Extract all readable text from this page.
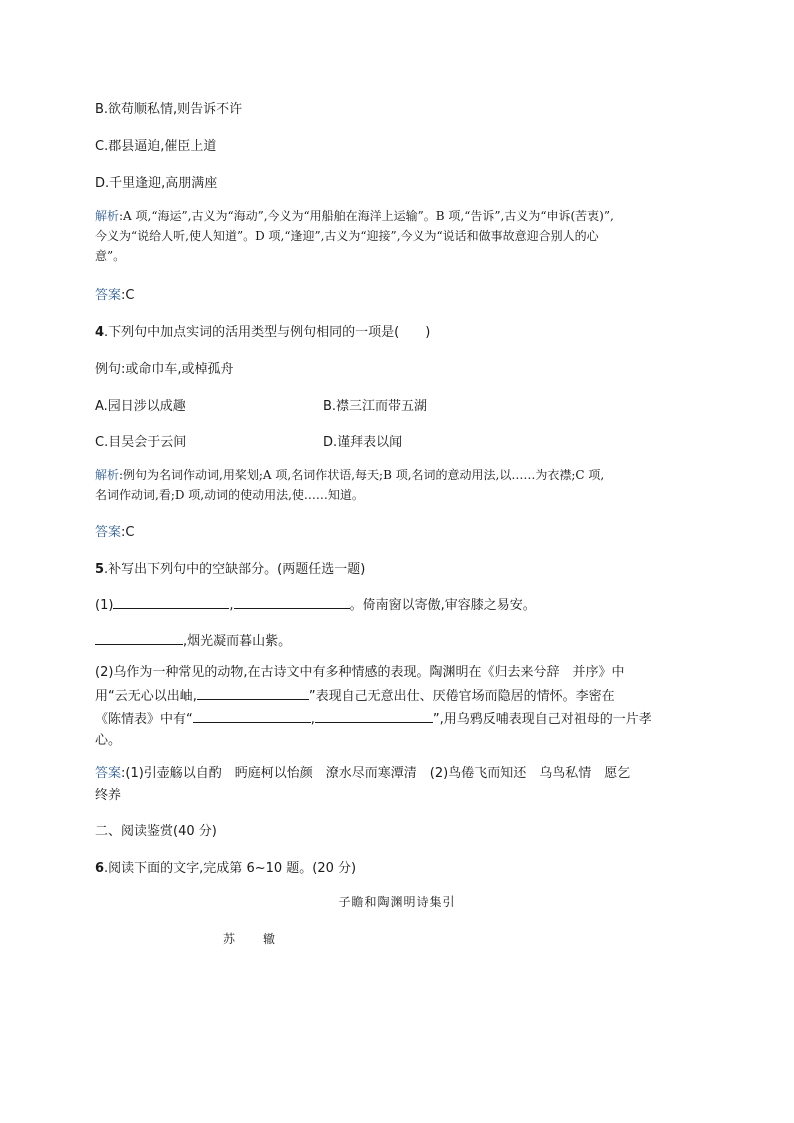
B.欲苟顺私情,则告诉不许
C.郡县逼迫,催臣上道
D.千里逢迎,高朋满座
解析:A 项,“海运”,古义为“海动”,今义为“用船舶在海洋上运输”。B 项,“告诉”,古义为“申诉(苦衷)”,
今义为“说给人听,使人知道”。D 项,“逢迎”,古义为“迎接”,今义为“说话和做事故意迎合别人的心
意”。
答案:C
4.下列句中加点实词的活用类型与例句相同的一项是(　　)
例句:或命巾车,或棹孤舟
A.园日涉以成趣	B.襟三江而带五湖
C.目吴会于云间	D.谨拜表以闻
解析:例句为名词作动词,用桨划;A 项,名词作状语,每天;B 项,名词的意动用法,以……为衣襟;C 项,
名词作动词,看;D 项,动词的使动用法,使……知道。
答案:C
5.补写出下列句中的空缺部分。(两题任选一题)
(1)	,	。倚南窗以寄傲,审容膝之易安。
,烟光凝而暮山紫。
(2)乌作为一种常见的动物,在古诗文中有多种情感的表现。陶渊明在《归去来兮辞　并序》中
用“云无心以出岫,	”表现自己无意出仕、厌倦官场而隐居的情怀。李密在
《陈情表》中有“	,	”,用乌鸦反哺表现自己对祖母的一片孝
心。
答案:(1)引壶觞以自酌　眄庭柯以怡颜　潦水尽而寒潭清　(2)鸟倦飞而知还　乌鸟私情　愿乞
终养
二、阅读鉴赏(40 分)
6.阅读下面的文字,完成第 6~10 题。(20 分)
子瞻和陶渊明诗集引
苏　辙
